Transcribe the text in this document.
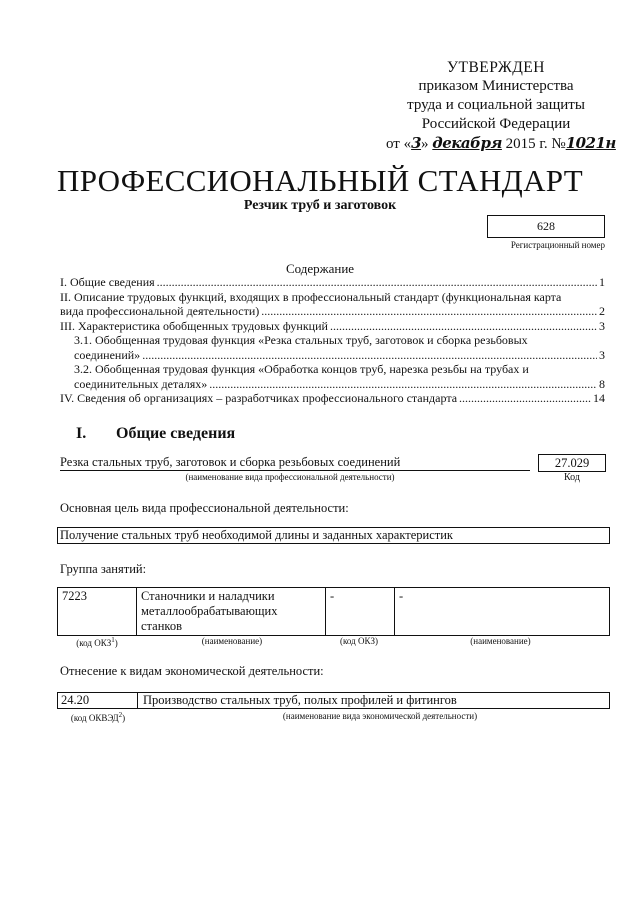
УТВЕРЖДЕН
приказом Министерства
труда и социальной защиты
Российской Федерации
от «3» декабря 2015 г. №1021н
ПРОФЕССИОНАЛЬНЫЙ СТАНДАРТ
Резчик труб и заготовок
628
Регистрационный номер
Содержание
I. Общие сведения .....	1
II. Описание трудовых функций, входящих в профессиональный стандарт (функциональная карта
вида профессиональной деятельности) .....	2
III. Характеристика обобщенных трудовых функций .....	3
3.1. Обобщенная трудовая функция «Резка стальных труб, заготовок и сборка резьбовых
соединений» .....	3
3.2. Обобщенная трудовая функция «Обработка концов труб, нарезка резьбы на трубах и
соединительных деталях» .....	8
IV. Сведения об организациях – разработчиках профессионального стандарта .....	14
I. Общие сведения
Резка стальных труб, заготовок и сборка резьбовых соединений	27.029
(наименование вида профессиональной деятельности)	Код
Основная цель вида профессиональной деятельности:
Получение стальных труб необходимой длины и заданных характеристик
Группа занятий:
7223	Станочники и наладчики металлообрабатывающих станков	-	-
(код ОКЗ$^1$)	(наименование)	(код ОКЗ)	(наименование)
Отнесение к видам экономической деятельности:
24.20	Производство стальных труб, полых профилей и фитингов
(код ОКВЭД$^2$)	(наименование вида экономической деятельности)
